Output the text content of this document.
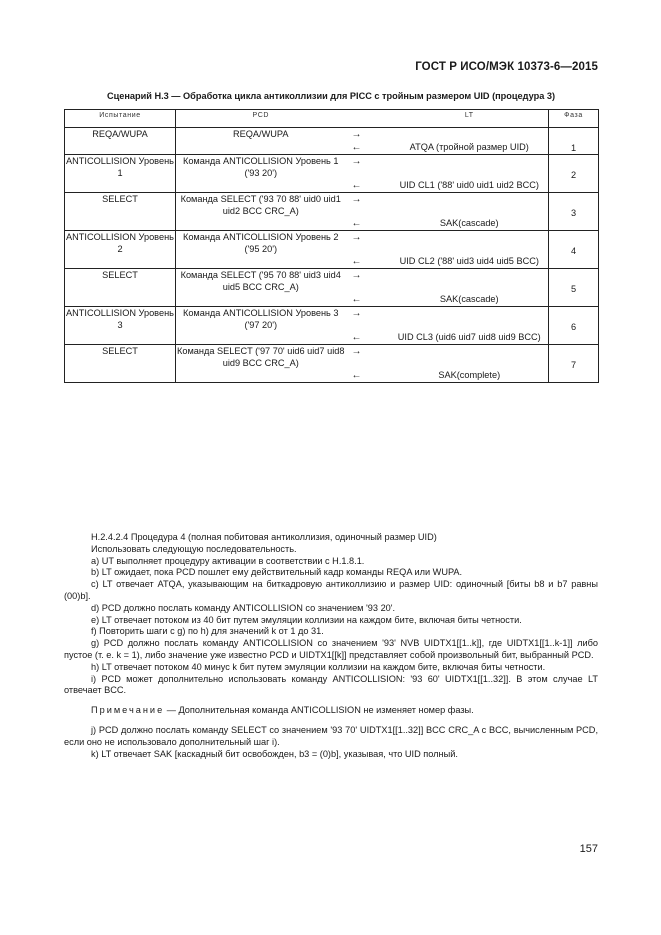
ГОСТ Р ИСО/МЭК 10373-6—2015
Сценарий H.3 — Обработка цикла антиколлизии для PICC с тройным размером UID (процедура 3)
Испытание	PCD		LT	Фаза
REQA/WUPA	REQA/WUPA	→		1
		←	ATQA (тройной размер UID)	
ANTICOLLISION Уровень 1	Команда ANTICOLLISION Уровень 1 ('93 20')	→		2
		←	UID CL1 ('88' uid0 uid1 uid2 BCC)	
SELECT	Команда SELECT ('93 70 88' uid0 uid1 uid2 BCC CRC_A)	→		3
		←	SAK(cascade)	
ANTICOLLISION Уровень 2	Команда ANTICOLLISION Уровень 2 ('95 20')	→		4
		←	UID CL2 ('88' uid3 uid4 uid5 BCC)	
SELECT	Команда SELECT ('95 70 88' uid3 uid4 uid5 BCC CRC_A)	→		5
		←	SAK(cascade)	
ANTICOLLISION Уровень 3	Команда ANTICOLLISION Уровень 3 ('97 20')	→		6
		←	UID CL3 (uid6 uid7 uid8 uid9 BCC)	
SELECT	Команда SELECT ('97 70' uid6 uid7 uid8 uid9 BCC CRC_A)	→		7
		←	SAK(complete)	

H.2.4.2.4 Процедура 4 (полная побитовая антиколлизия, одиночный размер UID)

Использовать следующую последовательность.

a) UT выполняет процедуру активации в соответствии с H.1.8.1.

b) LT ожидает, пока PCD пошлет ему действительный кадр команды REQA или WUPA.

c) LT отвечает ATQA, указывающим на биткадровую антиколлизию и размер UID: одиночный [биты b8 и b7 равны (00)b].

d) PCD должно послать команду ANTICOLLISION со значением '93 20'.

e) LT отвечает потоком из 40 бит путем эмуляции коллизии на каждом бите, включая биты четности.

f) Повторить шаги с g) по h) для значений k от 1 до 31.

g) PCD должно послать команду ANTICOLLISION со значением '93' NVB UIDTX1[[1..k]], где UIDTX1[[1..k-1]] либо пустое (т. е. k = 1), либо значение уже известно PCD и UIDTX1[[k]] представляет собой произвольный бит, выбранный PCD.

h) LT отвечает потоком 40 минус k бит путем эмуляции коллизии на каждом бите, включая биты четности.

i) PCD может дополнительно использовать команду ANTICOLLISION: '93 60' UIDTX1[[1..32]]. В этом случае LT отвечает BCC.

Примечание — Дополнительная команда ANTICOLLISION не изменяет номер фазы.

j) PCD должно послать команду SELECT со значением '93 70' UIDTX1[[1..32]] BCC CRC_A с BCC, вычисленным PCD, если оно не использовало дополнительный шаг i).

k) LT отвечает SAK [каскадный бит освобожден, b3 = (0)b], указывая, что UID полный.

157
